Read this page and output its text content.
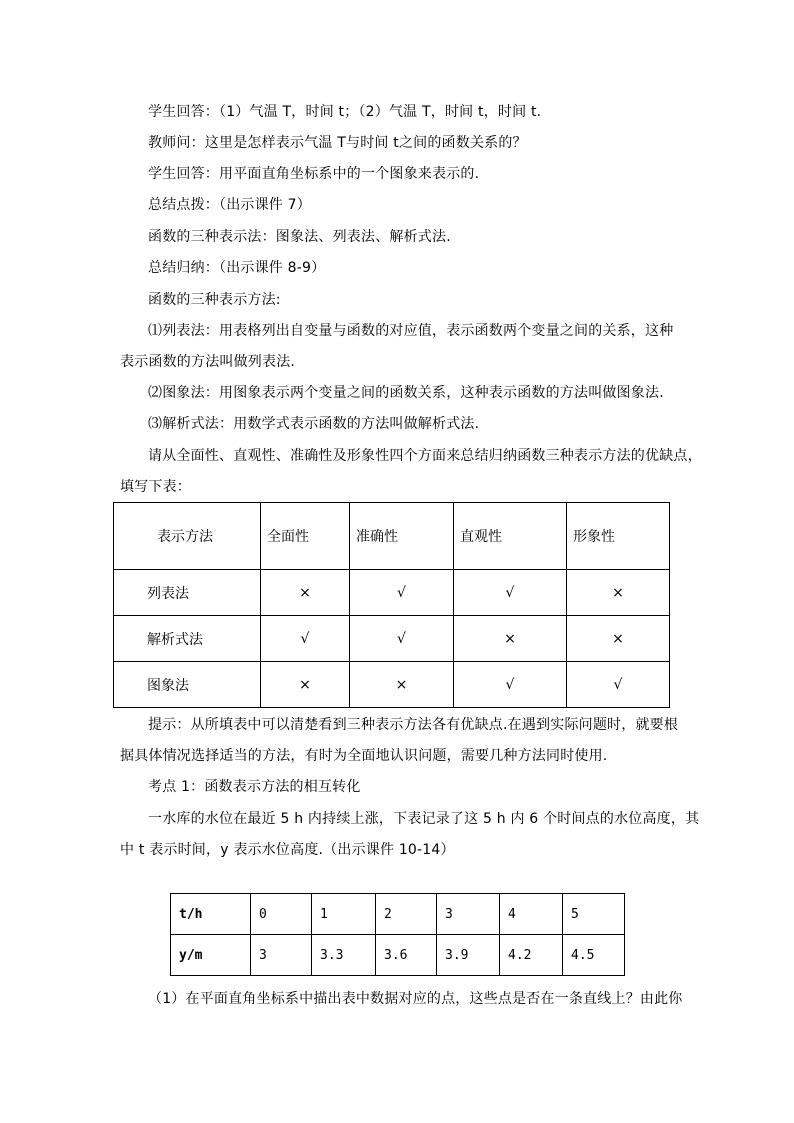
学生回答：（1）气温 T，时间 t；（2）气温 T，时间 t，时间 t.
教师问：这里是怎样表示气温 T与时间 t之间的函数关系的？
学生回答：用平面直角坐标系中的一个图象来表示的.
总结点拨：（出示课件 7）
函数的三种表示法：图象法、列表法、解析式法.
总结归纳：（出示课件 8-9）
函数的三种表示方法:
⑴列表法：用表格列出自变量与函数的对应值，表示函数两个变量之间的关系，这种
表示函数的方法叫做列表法.
⑵图象法：用图象表示两个变量之间的函数关系，这种表示函数的方法叫做图象法.
⑶解析式法：用数学式表示函数的方法叫做解析式法.
请从全面性、直观性、准确性及形象性四个方面来总结归纳函数三种表示方法的优缺点，
填写下表：
表示方法	全面性	准确性	直观性	形象性
列表法	×	√	√	×
解析式法	√	√	×	×
图象法	×	×	√	√
提示：从所填表中可以清楚看到三种表示方法各有优缺点.在遇到实际问题时，就要根
据具体情况选择适当的方法，有时为全面地认识问题，需要几种方法同时使用.
考点 1：函数表示方法的相互转化
一水库的水位在最近 5 h 内持续上涨，下表记录了这 5 h 内 6 个时间点的水位高度，其
中 t 表示时间，y 表示水位高度.（出示课件 10-14）
t/h	0	1	2	3	4	5
y/m	3	3.3	3.6	3.9	4.2	4.5
（1）在平面直角坐标系中描出表中数据对应的点，这些点是否在一条直线上？由此你
